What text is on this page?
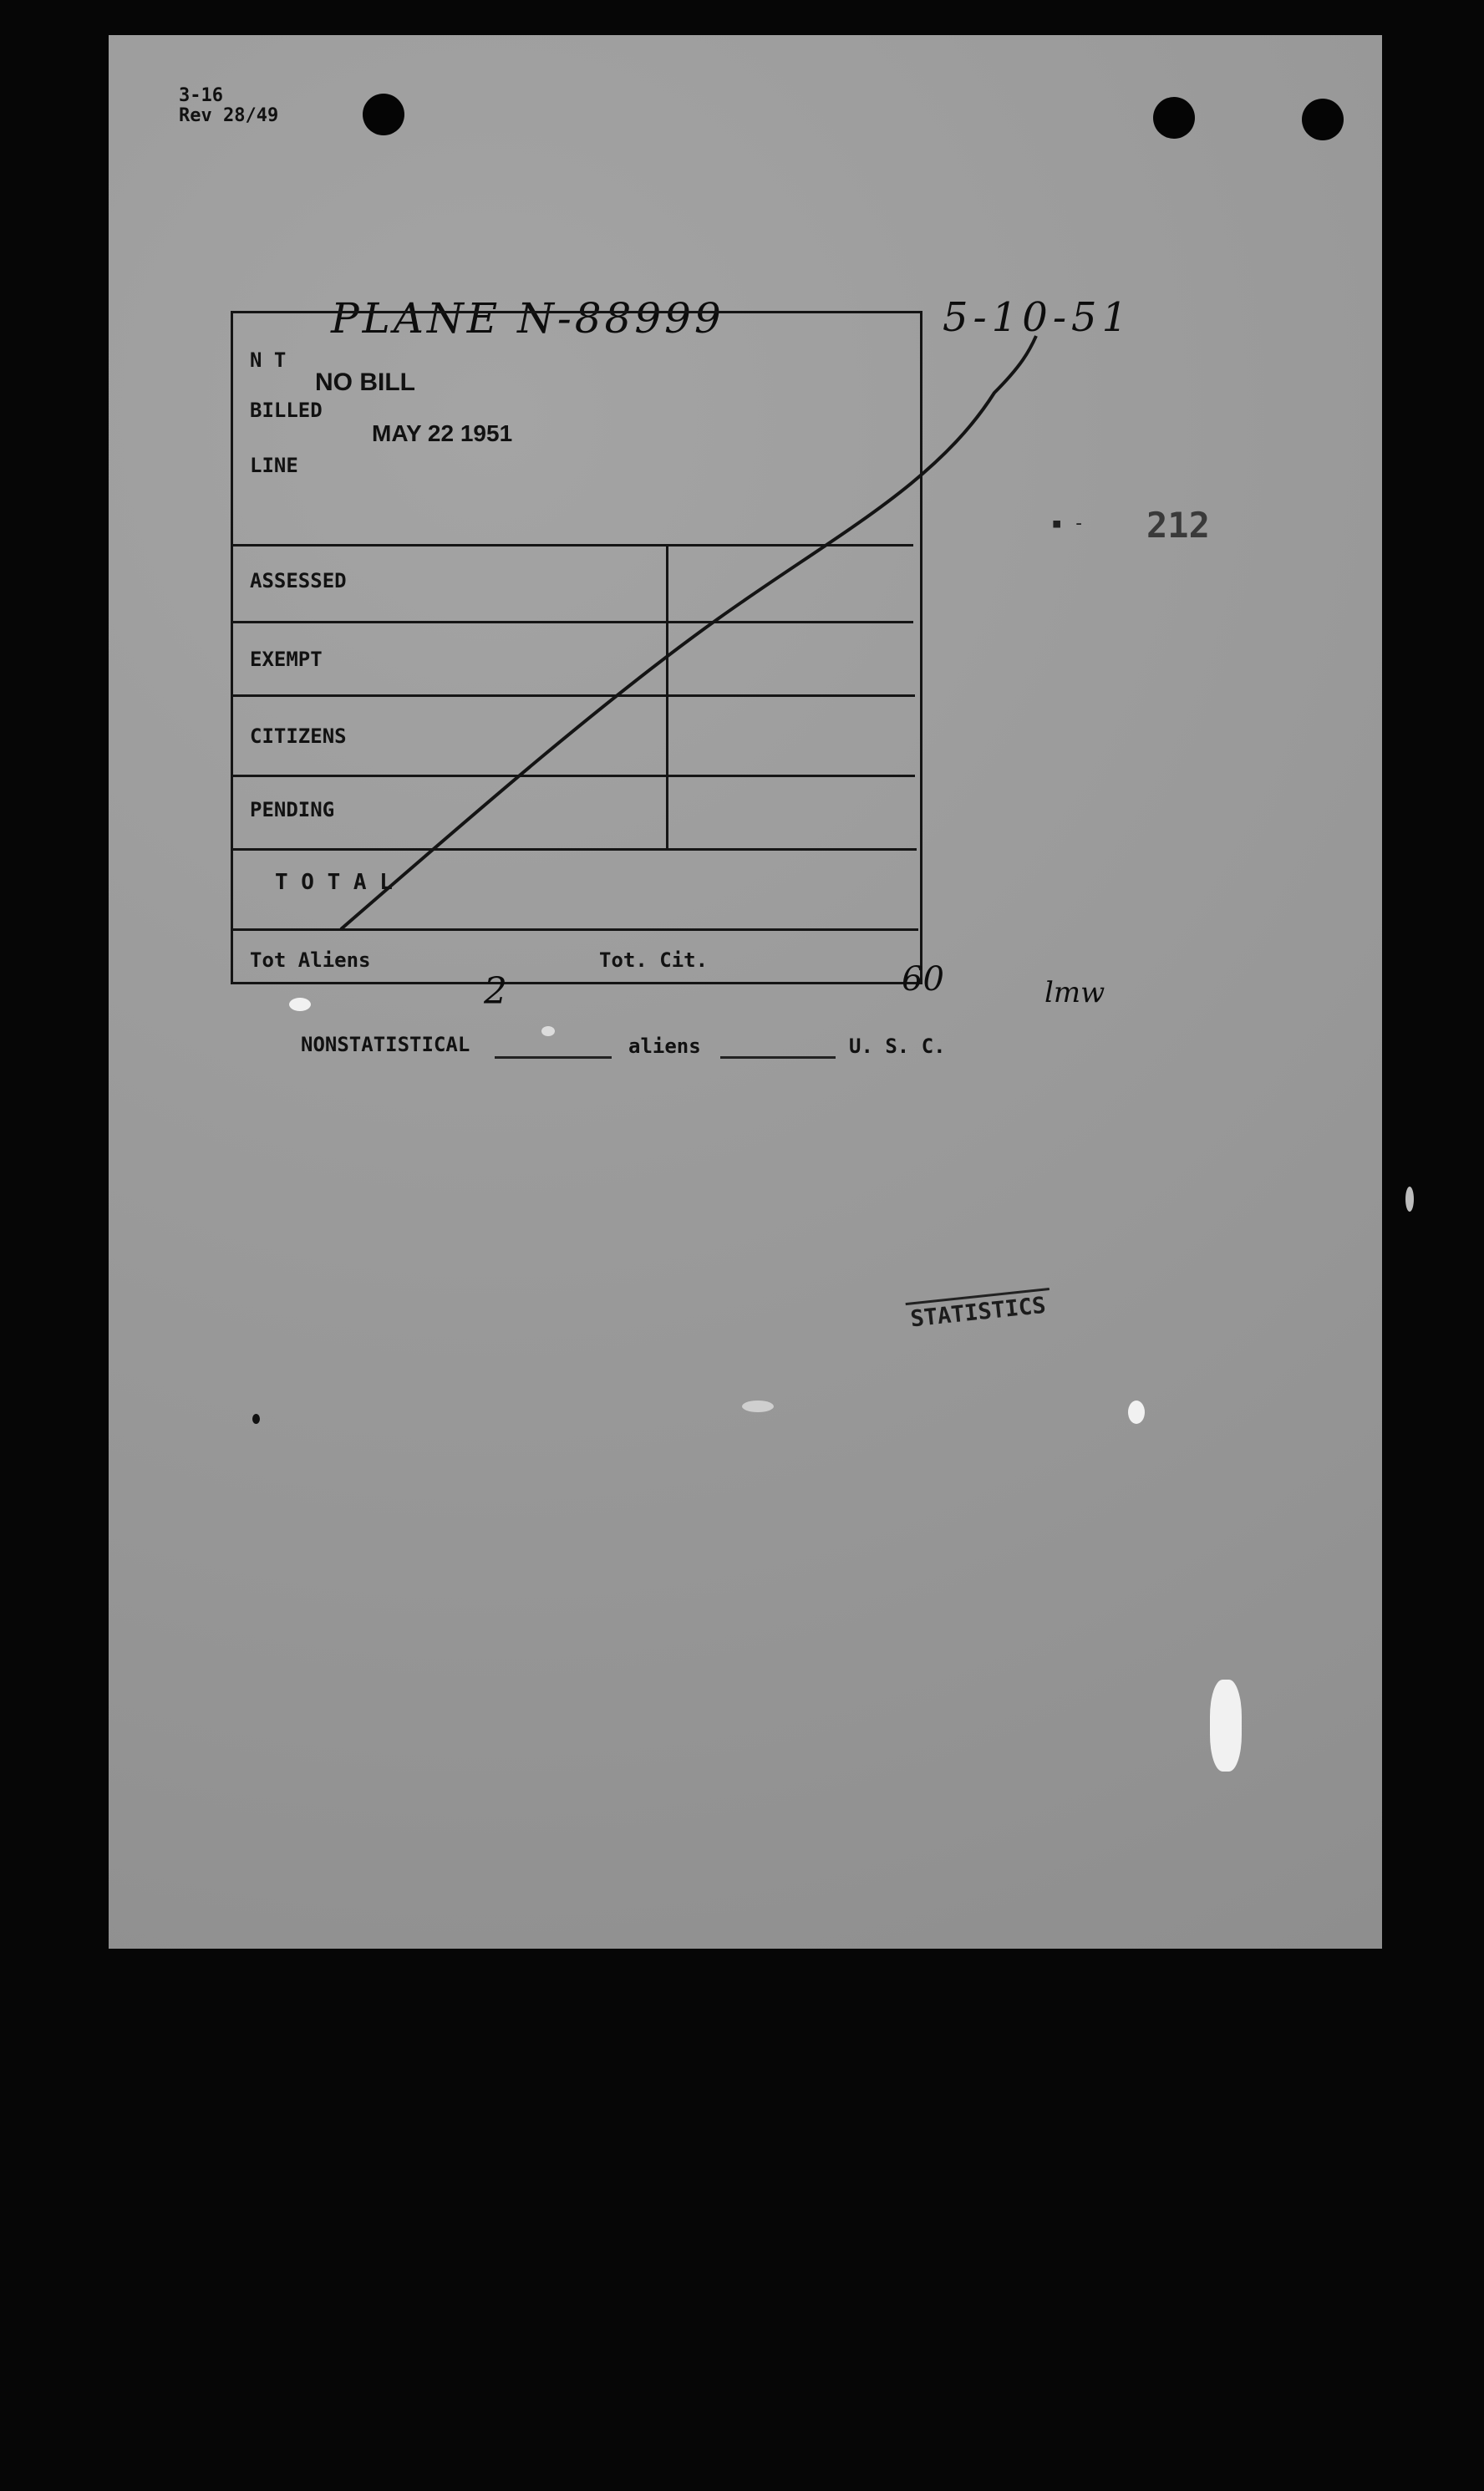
3-16
Rev 28/49
PLANE N-88999	5-10-51
▪ - 212
N T
BILLED
LINE
ASSESSED
EXEMPT
CITIZENS
PENDING
T O T A L
Tot Aliens	Tot. Cit.
NO BILL
MAY 22 1951
2	60	lmw
NONSTATISTICAL	aliens	U. S. C.
STATISTICS
